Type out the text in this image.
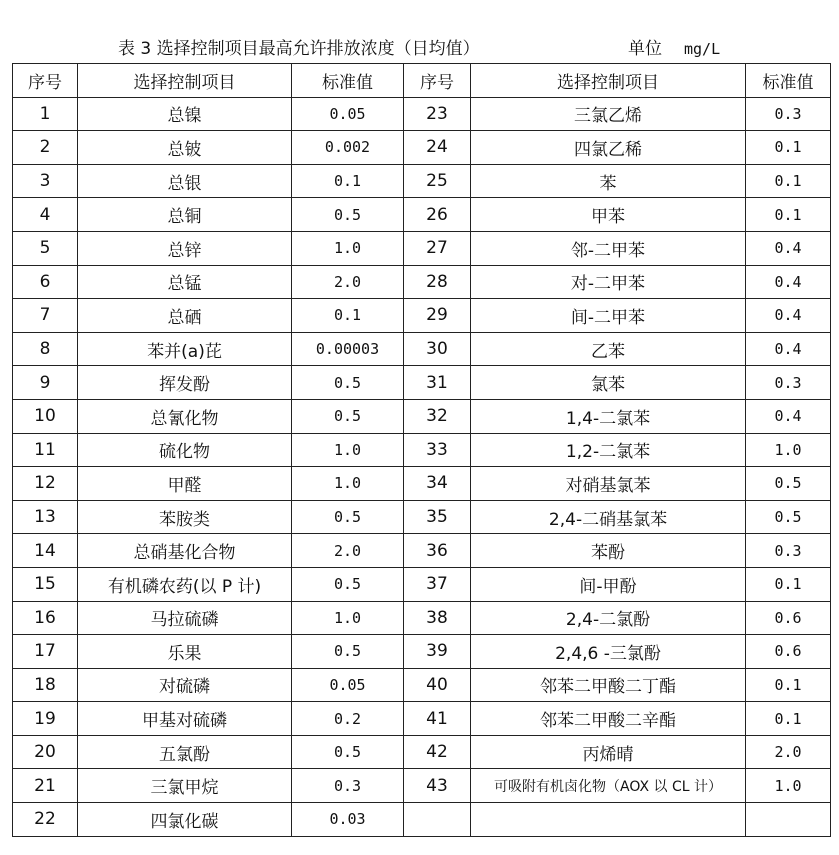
表 3 选择控制项目最高允许排放浓度（日均值）	单位 mg/L
序号	选择控制项目	标准值	序号	选择控制项目	标准值
1	总镍	0.05	23	三氯乙烯	0.3
2	总铍	0.002	24	四氯乙稀	0.1
3	总银	0.1	25	苯	0.1
4	总铜	0.5	26	甲苯	0.1
5	总锌	1.0	27	邻-二甲苯	0.4
6	总锰	2.0	28	对-二甲苯	0.4
7	总硒	0.1	29	间-二甲苯	0.4
8	苯并(a)芘	0.00003	30	乙苯	0.4
9	挥发酚	0.5	31	氯苯	0.3
10	总氰化物	0.5	32	1,4-二氯苯	0.4
11	硫化物	1.0	33	1,2-二氯苯	1.0
12	甲醛	1.0	34	对硝基氯苯	0.5
13	苯胺类	0.5	35	2,4-二硝基氯苯	0.5
14	总硝基化合物	2.0	36	苯酚	0.3
15	有机磷农药(以 P 计)	0.5	37	间-甲酚	0.1
16	马拉硫磷	1.0	38	2,4-二氯酚	0.6
17	乐果	0.5	39	2,4,6 -三氯酚	0.6
18	对硫磷	0.05	40	邻苯二甲酸二丁酯	0.1
19	甲基对硫磷	0.2	41	邻苯二甲酸二辛酯	0.1
20	五氯酚	0.5	42	丙烯晴	2.0
21	三氯甲烷	0.3	43	可吸附有机卤化物（AOX 以 CL 计）	1.0
22	四氯化碳	0.03			
